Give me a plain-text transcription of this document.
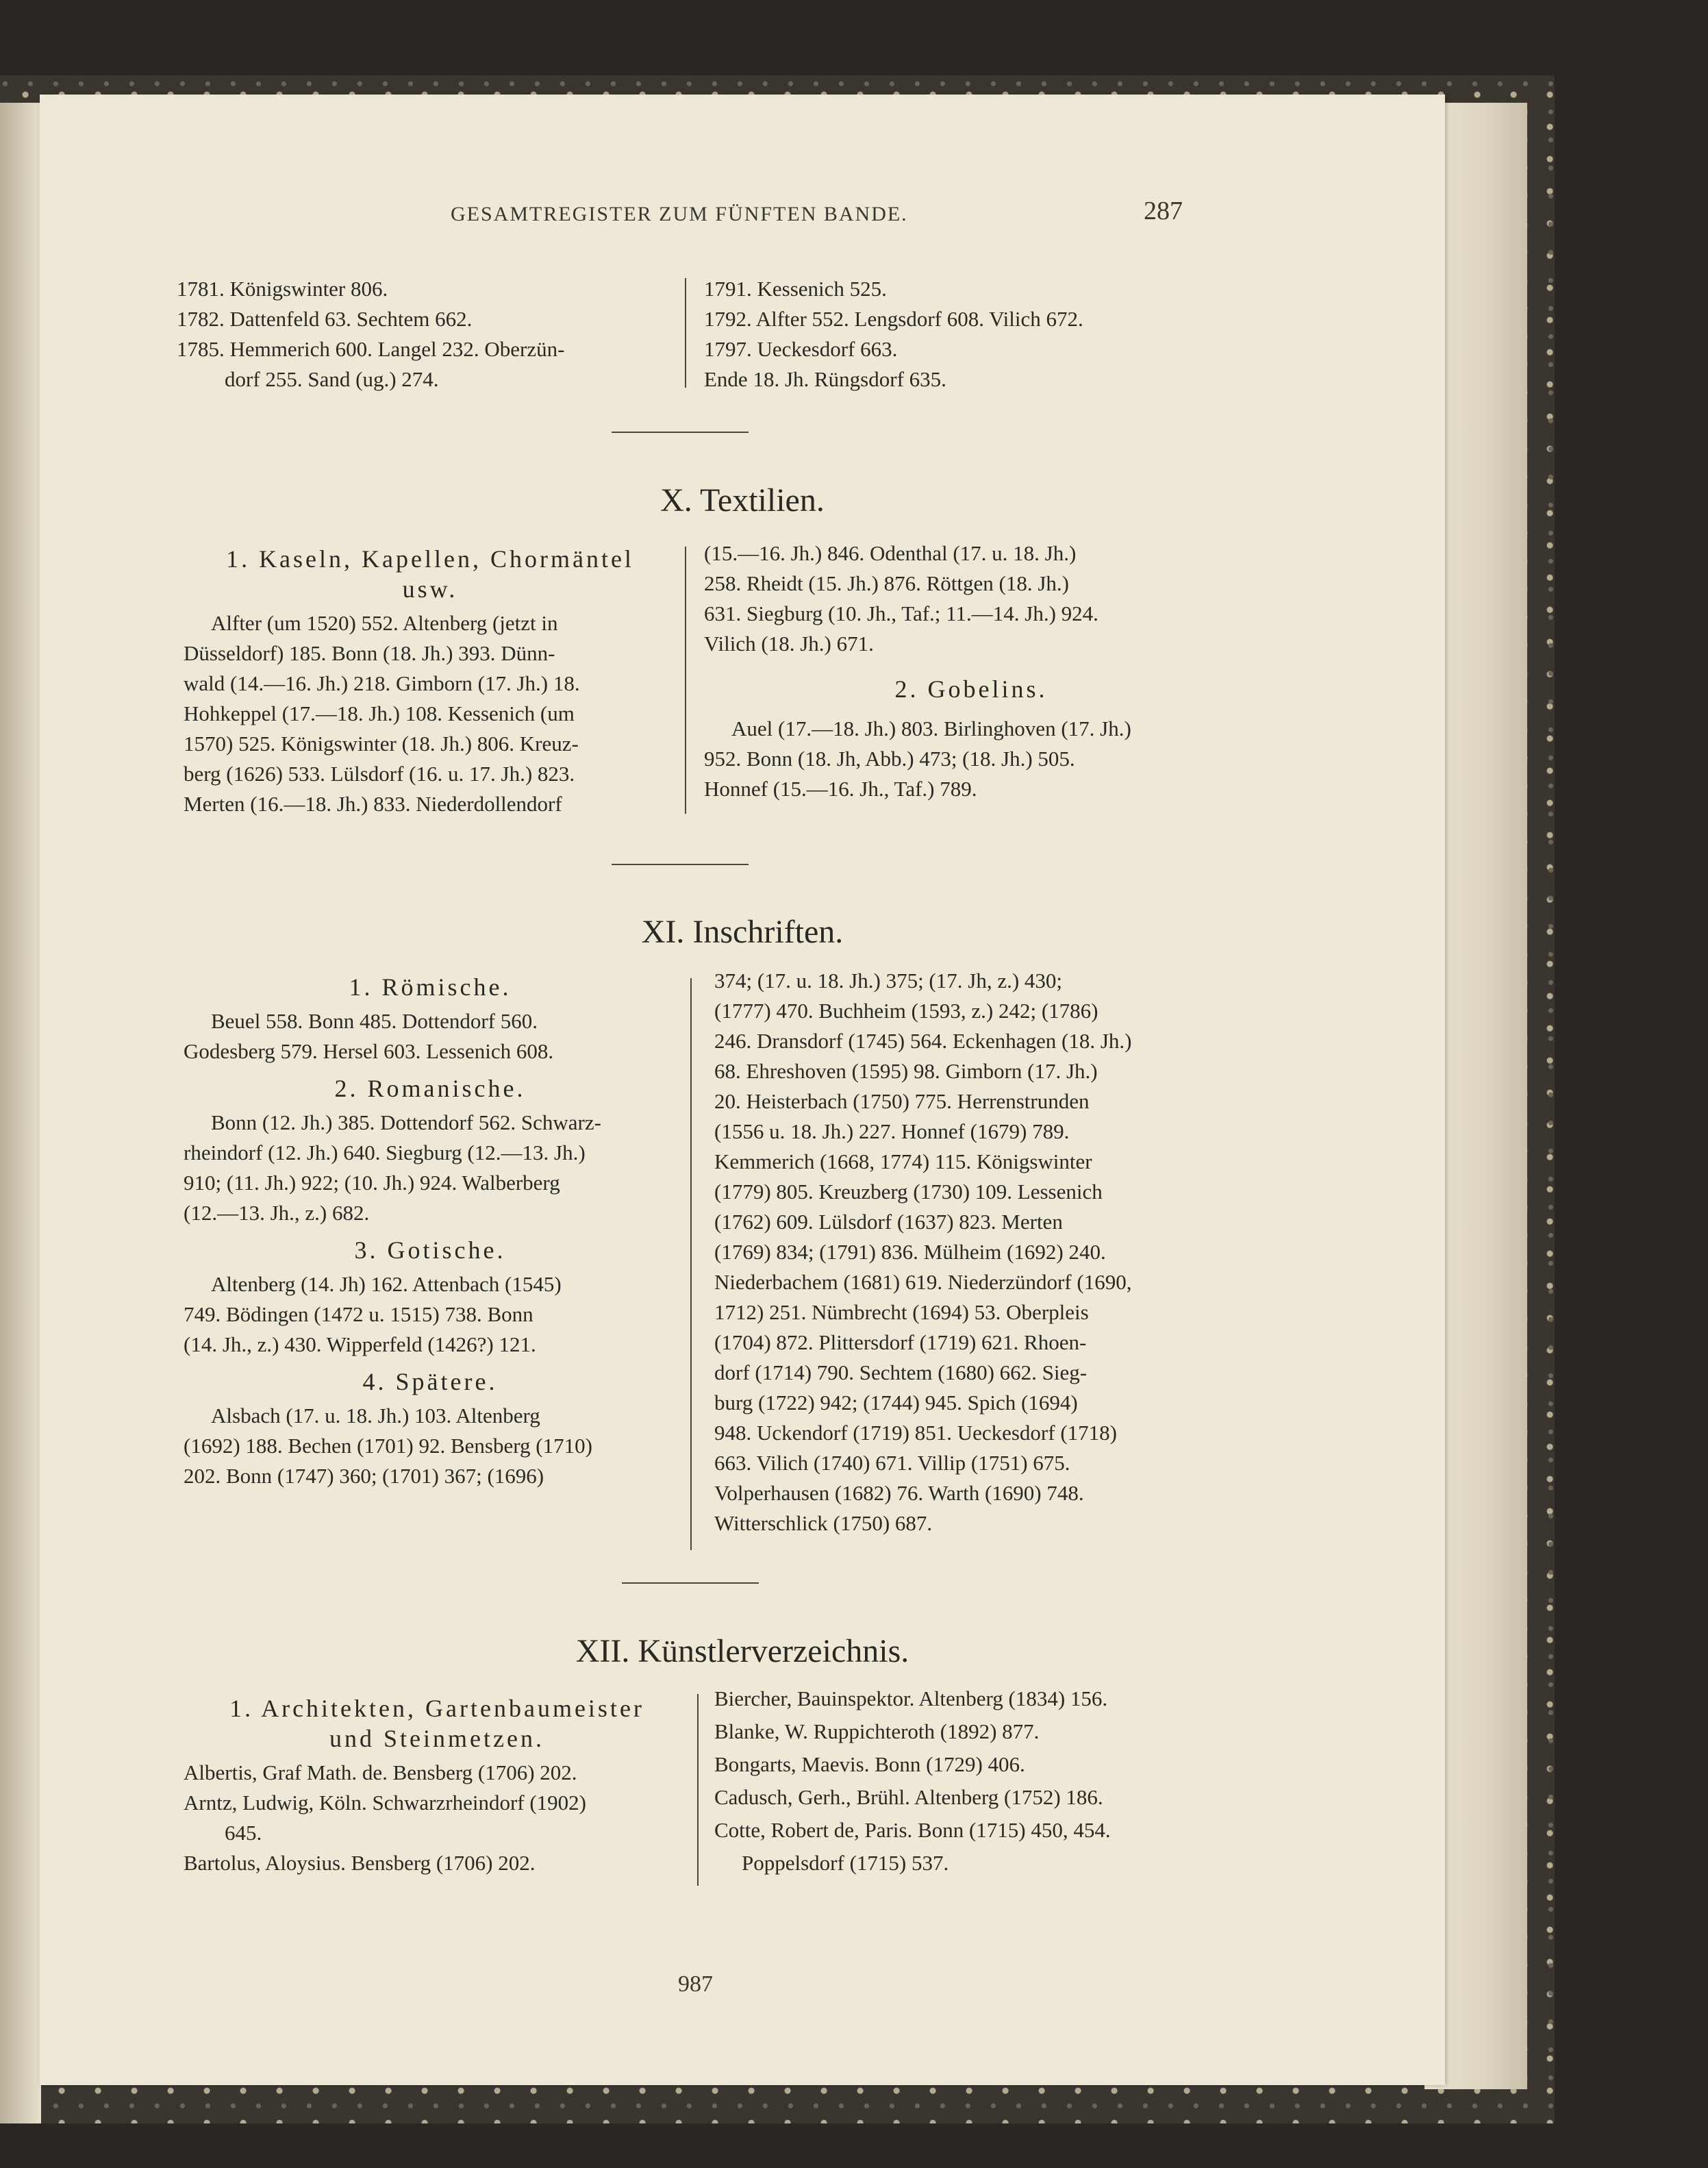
GESAMTREGISTER ZUM FÜNFTEN BANDE.	287
1781. Königswinter 806.
1782. Dattenfeld 63. Sechtem 662.
1785. Hemmerich 600. Langel 232. Oberzün-
dorf 255. Sand (ug.) 274.
1791. Kessenich 525.
1792. Alfter 552. Lengsdorf 608. Vilich 672.
1797. Ueckesdorf 663.
Ende 18. Jh. Rüngsdorf 635.
X. Textilien.
1. Kaseln, Kapellen, Chormäntel
usw.
Alfter (um 1520) 552. Altenberg (jetzt in
Düsseldorf) 185. Bonn (18. Jh.) 393. Dünn-
wald (14.—16. Jh.) 218. Gimborn (17. Jh.) 18.
Hohkeppel (17.—18. Jh.) 108. Kessenich (um
1570) 525. Königswinter (18. Jh.) 806. Kreuz-
berg (1626) 533. Lülsdorf (16. u. 17. Jh.) 823.
Merten (16.—18. Jh.) 833. Niederdollendorf
(15.—16. Jh.) 846. Odenthal (17. u. 18. Jh.)
258. Rheidt (15. Jh.) 876. Röttgen (18. Jh.)
631. Siegburg (10. Jh., Taf.; 11.—14. Jh.) 924.
Vilich (18. Jh.) 671.
2. Gobelins.
Auel (17.—18. Jh.) 803. Birlinghoven (17. Jh.)
952. Bonn (18. Jh, Abb.) 473; (18. Jh.) 505.
Honnef (15.—16. Jh., Taf.) 789.
XI. Inschriften.
1. Römische.
Beuel 558. Bonn 485. Dottendorf 560.
Godesberg 579. Hersel 603. Lessenich 608.
2. Romanische.
Bonn (12. Jh.) 385. Dottendorf 562. Schwarz-
rheindorf (12. Jh.) 640. Siegburg (12.—13. Jh.)
910; (11. Jh.) 922; (10. Jh.) 924. Walberberg
(12.—13. Jh., z.) 682.
3. Gotische.
Altenberg (14. Jh) 162. Attenbach (1545)
749. Bödingen (1472 u. 1515) 738. Bonn
(14. Jh., z.) 430. Wipperfeld (1426?) 121.
4. Spätere.
Alsbach (17. u. 18. Jh.) 103. Altenberg
(1692) 188. Bechen (1701) 92. Bensberg (1710)
202. Bonn (1747) 360; (1701) 367; (1696)
374; (17. u. 18. Jh.) 375; (17. Jh, z.) 430;
(1777) 470. Buchheim (1593, z.) 242; (1786)
246. Dransdorf (1745) 564. Eckenhagen (18. Jh.)
68. Ehreshoven (1595) 98. Gimborn (17. Jh.)
20. Heisterbach (1750) 775. Herrenstrunden
(1556 u. 18. Jh.) 227. Honnef (1679) 789.
Kemmerich (1668, 1774) 115. Königswinter
(1779) 805. Kreuzberg (1730) 109. Lessenich
(1762) 609. Lülsdorf (1637) 823. Merten
(1769) 834; (1791) 836. Mülheim (1692) 240.
Niederbachem (1681) 619. Niederzündorf (1690,
1712) 251. Nümbrecht (1694) 53. Oberpleis
(1704) 872. Plittersdorf (1719) 621. Rhoen-
dorf (1714) 790. Sechtem (1680) 662. Sieg-
burg (1722) 942; (1744) 945. Spich (1694)
948. Uckendorf (1719) 851. Ueckesdorf (1718)
663. Vilich (1740) 671. Villip (1751) 675.
Volperhausen (1682) 76. Warth (1690) 748.
Witterschlick (1750) 687.
XII. Künstlerverzeichnis.
1. Architekten, Gartenbaumeister
und Steinmetzen.
Albertis, Graf Math. de. Bensberg (1706) 202.
Arntz, Ludwig, Köln. Schwarzrheindorf (1902)
645.
Bartolus, Aloysius. Bensberg (1706) 202.
Biercher, Bauinspektor. Altenberg (1834) 156.
Blanke, W. Ruppichteroth (1892) 877.
Bongarts, Maevis. Bonn (1729) 406.
Cadusch, Gerh., Brühl. Altenberg (1752) 186.
Cotte, Robert de, Paris. Bonn (1715) 450, 454.
Poppelsdorf (1715) 537.
987
